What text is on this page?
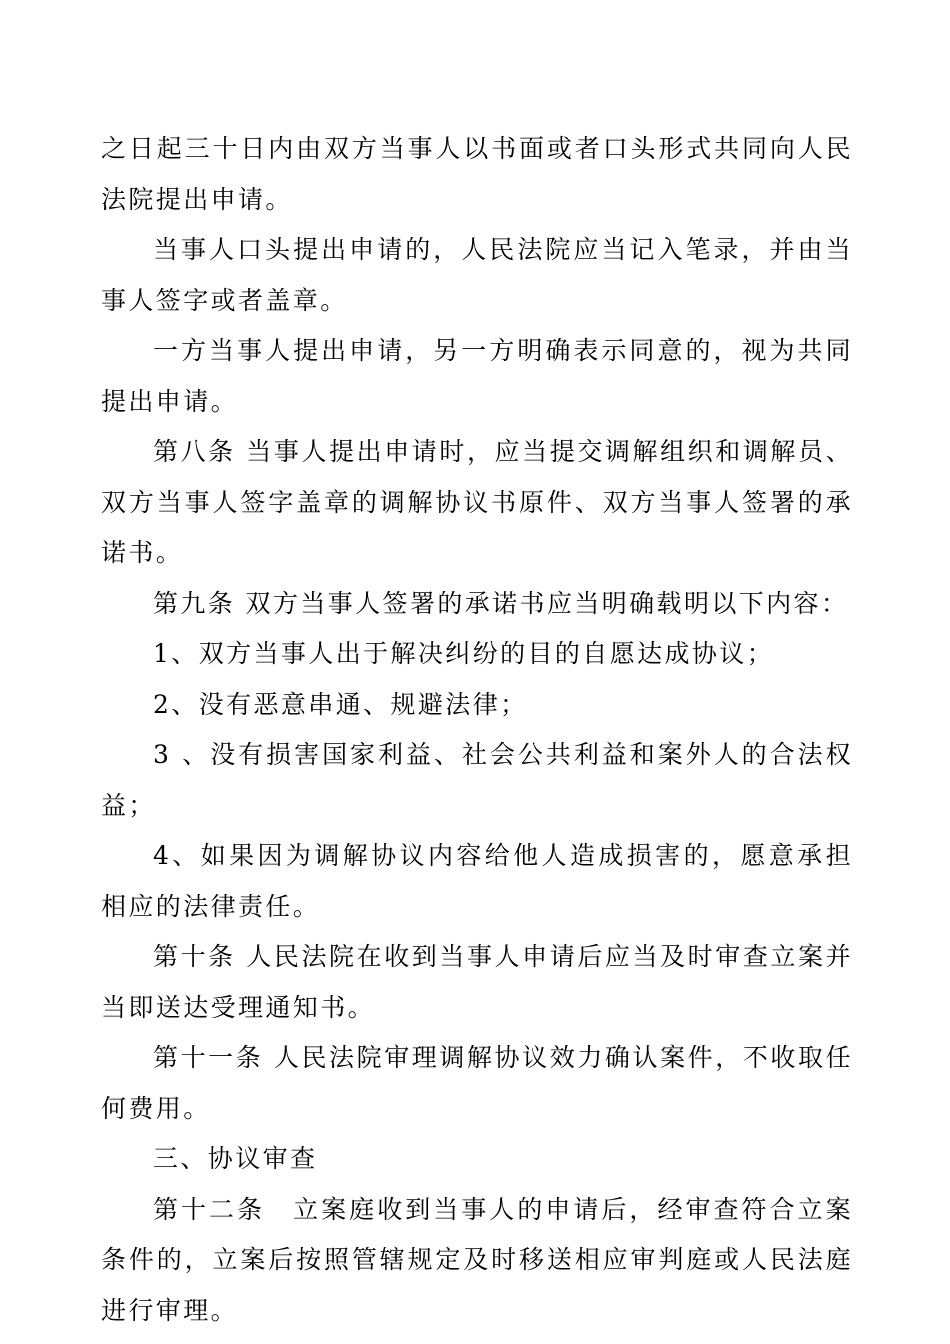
之日起三十日内由双方当事人以书面或者口头形式共同向人民法院提出申请。

当事人口头提出申请的，人民法院应当记入笔录，并由当事人签字或者盖章。

一方当事人提出申请，另一方明确表示同意的，视为共同提出申请。

第八条 当事人提出申请时，应当提交调解组织和调解员、双方当事人签字盖章的调解协议书原件、双方当事人签署的承诺书。

第九条 双方当事人签署的承诺书应当明确载明以下内容：

1、双方当事人出于解决纠纷的目的自愿达成协议；

2、没有恶意串通、规避法律；

3 、没有损害国家利益、社会公共利益和案外人的合法权益；

4、如果因为调解协议内容给他人造成损害的，愿意承担相应的法律责任。

第十条 人民法院在收到当事人申请后应当及时审查立案并当即送达受理通知书。

第十一条 人民法院审理调解协议效力确认案件，不收取任何费用。

三、协议审查

第十二条　立案庭收到当事人的申请后，经审查符合立案条件的，立案后按照管辖规定及时移送相应审判庭或人民法庭进行审理。
